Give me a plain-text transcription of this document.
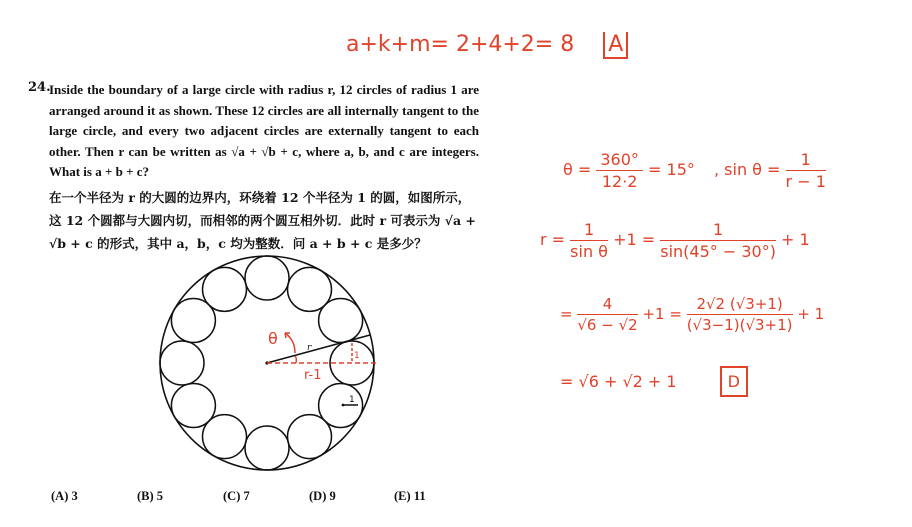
a+k+m= 2+4+2= 8 A
24.
Inside the boundary of a large circle with radius r, 12 circles of radius 1 are arranged around it as shown. These 12 circles are all internally tangent to the large circle, and every two adjacent circles are externally tangent to each other. Then r can be written as √a + √b + c, where a, b, and c are integers. What is a + b + c?
在一个半径为 r 的大圆的边界内，环绕着 12 个半径为 1 的圆，如图所示，这 12 个圆都与大圆内切，而相邻的两个圆互相外切．此时 r 可表示为 √a + √b + c 的形式，其中 a，b，c 均为整数．问 a + b + c 是多少？
θ	r
r-1
1
1
(A) 3	(B) 5	(C) 7	(D) 9	(E) 11
$\theta = \frac{360^\circ}{12\cdot 2} = 15^\circ$ , $\sin \theta = \frac{1}{r - 1}$
$r = \frac{1}{\text{sin θ}} +1 = \frac{1}{\sin(45^\circ - 30^\circ)} + 1$
= $\frac{4}{√6 - √2} +1 = \frac{2√2 (√3+1)}{(√3-1)(√3+1)} + 1$
= √6 + √2 + 1	D
